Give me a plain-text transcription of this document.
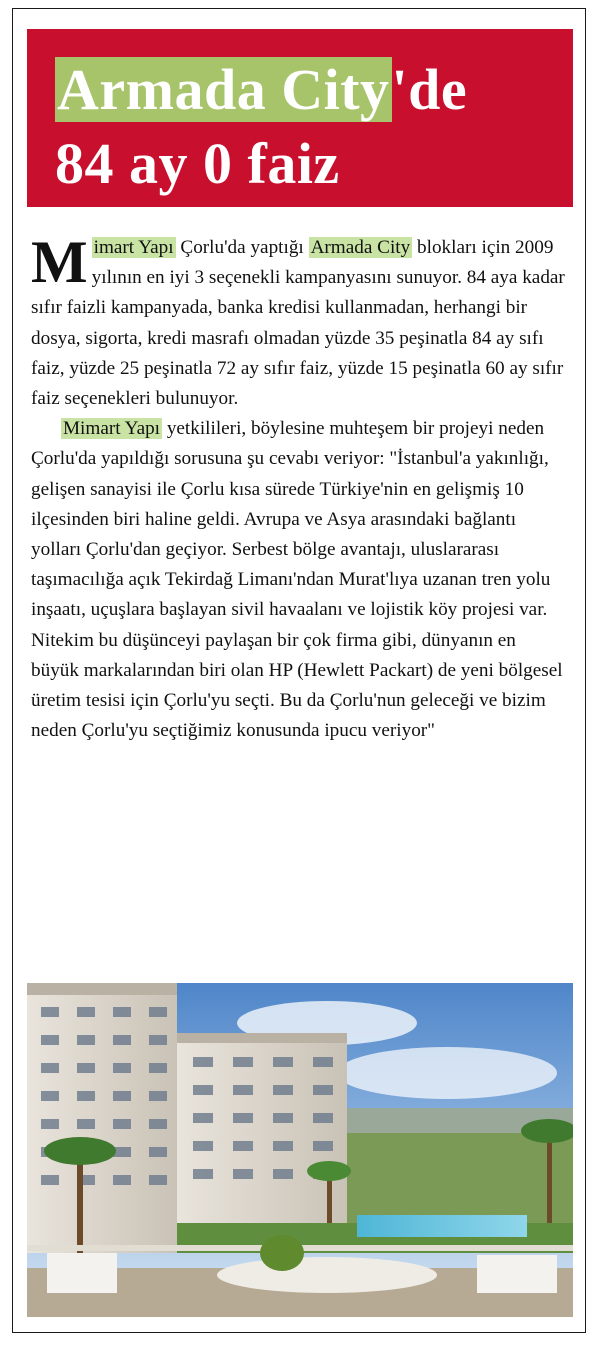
Armada City'de
84 ay 0 faiz

Mimart Yapı Çorlu'da yaptığı Armada City blokları için 2009 yılının en iyi 3 seçenekli kampanyasını sunuyor. 84 aya kadar sıfır faizli kampanyada, banka kredisi kullanmadan, herhangi bir dosya, sigorta, kredi masrafı olmadan yüzde 35 peşinatla 84 ay sıfı faiz, yüzde 25 peşinatla 72 ay sıfır faiz, yüzde 15 peşinatla 60 ay sıfır faiz seçenekleri bulunuyor.

Mimart Yapı yetkilileri, böylesine muhteşem bir projeyi neden Çorlu'da yapıldığı sorusuna şu cevabı veriyor: "İstanbul'a yakınlığı, gelişen sanayisi ile Çorlu kısa sürede Türkiye'nin en gelişmiş 10 ilçesinden biri haline geldi. Avrupa ve Asya arasındaki bağlantı yolları Çorlu'dan geçiyor. Serbest bölge avantajı, uluslararası taşımacılığa açık Tekirdağ Limanı'ndan Murat'lıya uzanan tren yolu inşaatı, uçuşlara başlayan sivil havaalanı ve lojistik köy projesi var. Nitekim bu düşünceyi paylaşan bir çok firma gibi, dünyanın en büyük markalarından biri olan HP (Hewlett Packart) de yeni bölgesel üretim tesisi için Çorlu'yu seçti. Bu da Çorlu'nun geleceği ve bizim neden Çorlu'yu seçtiğimiz konusunda ipucu veriyor"
